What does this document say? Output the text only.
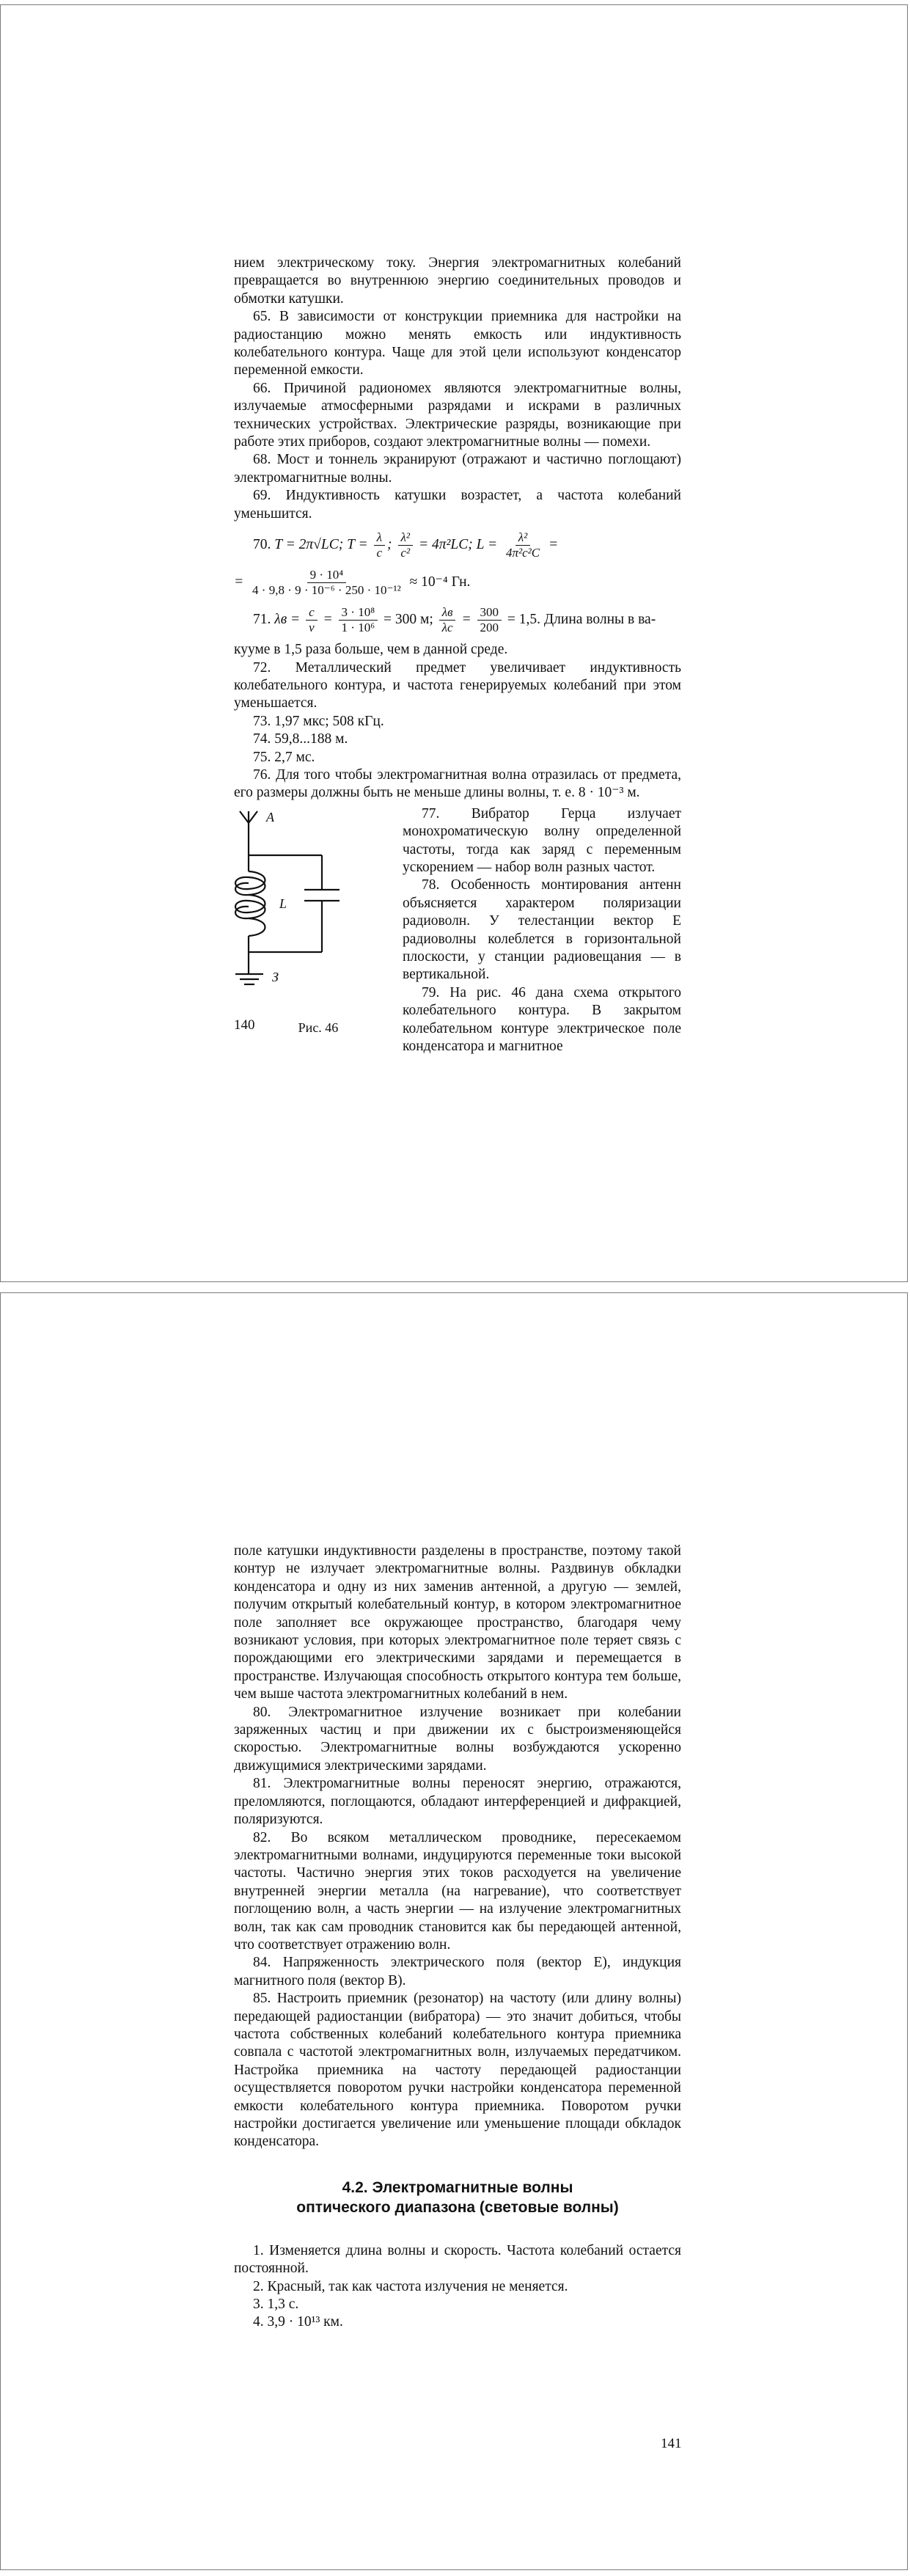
нием электрическому току. Энергия электромагнитных колебаний превращается во внутреннюю энергию соединительных проводов и обмотки катушки.

65. В зависимости от конструкции приемника для настройки на радиостанцию можно менять емкость или индуктивность колебательного контура. Чаще для этой цели используют конденсатор переменной емкости.

66. Причиной радиономех являются электромагнитные волны, излучаемые атмосферными разрядами и искрами в различных технических устройствах. Электрические разряды, возникающие при работе этих приборов, создают электромагнитные волны — помехи.

68. Мост и тоннель экранируют (отражают и частично поглощают) электромагнитные волны.

69. Индуктивность катушки возрастет, а частота колебаний уменьшится.

70. T = 2π√LC; $T = \frac{\lambda}{c}$ ; $\frac{\text{λ²}}{\text{c²}} = 4\pi^2LC$; $L = \frac{\text{λ²}}{\text{4π²c²C}}$ =
= $\frac{\text{9 · 10⁴}}{\text{4 · 9,8 · 9 · 10⁻⁶ · 250 · 10⁻¹²}} \approx 10^{-4}$ Гн.
71. $\lambda в = \frac{c}{\nu} = \frac{\text{3 · 10⁸}}{\text{1 · 10⁶}} = 300$ м; $\frac{\lambda в}{\lambda с} = \frac{300}{200} = 1,5$. Длина волны в ва-

кууме в 1,5 раза больше, чем в данной среде.

72. Металлический предмет увеличивает индуктивность колебательного контура, и частота генерируемых колебаний при этом уменьшается.

73. 1,97 мкс; 508 кГц.

74. 59,8...188 м.

75. 2,7 мс.

76. Для того чтобы электромагнитная волна отразилась от предмета, его размеры должны быть не меньше длины волны, т. е. 8 · 10⁻³ м.

A
L
З
Рис. 46

77. Вибратор Герца излучает монохроматическую волну определенной частоты, тогда как заряд с переменным ускорением — набор волн разных частот.

78. Особенность монтирования антенн объясняется характером поляризации радиоволн. У телестанции вектор E радиоволны колеблется в горизонтальной плоскости, у станции радиовещания — в вертикальной.

79. На рис. 46 дана схема открытого колебательного контура. В закрытом колебательном контуре электрическое поле конденсатора и магнитное

140

поле катушки индуктивности разделены в пространстве, поэтому такой контур не излучает электромагнитные волны. Раздвинув обкладки конденсатора и одну из них заменив антенной, а другую — землей, получим открытый колебательный контур, в котором электромагнитное поле заполняет все окружающее пространство, благодаря чему возникают условия, при которых электромагнитное поле теряет связь с порождающими его электрическими зарядами и перемещается в пространстве. Излучающая способность открытого контура тем больше, чем выше частота электромагнитных колебаний в нем.

80. Электромагнитное излучение возникает при колебании заряженных частиц и при движении их с быстроизменяющейся скоростью. Электромагнитные волны возбуждаются ускоренно движущимися электрическими зарядами.

81. Электромагнитные волны переносят энергию, отражаются, преломляются, поглощаются, обладают интерференцией и дифракцией, поляризуются.

82. Во всяком металлическом проводнике, пересекаемом электромагнитными волнами, индуцируются переменные токи высокой частоты. Частично энергия этих токов расходуется на увеличение внутренней энергии металла (на нагревание), что соответствует поглощению волн, а часть энергии — на излучение электромагнитных волн, так как сам проводник становится как бы передающей антенной, что соответствует отражению волн.

84. Напряженность электрического поля (вектор E), индукция магнитного поля (вектор B).

85. Настроить приемник (резонатор) на частоту (или длину волны) передающей радиостанции (вибратора) — это значит добиться, чтобы частота собственных колебаний колебательного контура приемника совпала с частотой электромагнитных волн, излучаемых передатчиком. Настройка приемника на частоту передающей радиостанции осуществляется поворотом ручки настройки конденсатора переменной емкости колебательного контура приемника. Поворотом ручки настройки достигается увеличение или уменьшение площади обкладок конденсатора.

4.2. Электромагнитные волны
оптического диапазона (световые волны)

1. Изменяется длина волны и скорость. Частота колебаний остается постоянной.

2. Красный, так как частота излучения не меняется.

3. 1,3 с.

4. 3,9 · 10¹³ км.

141
